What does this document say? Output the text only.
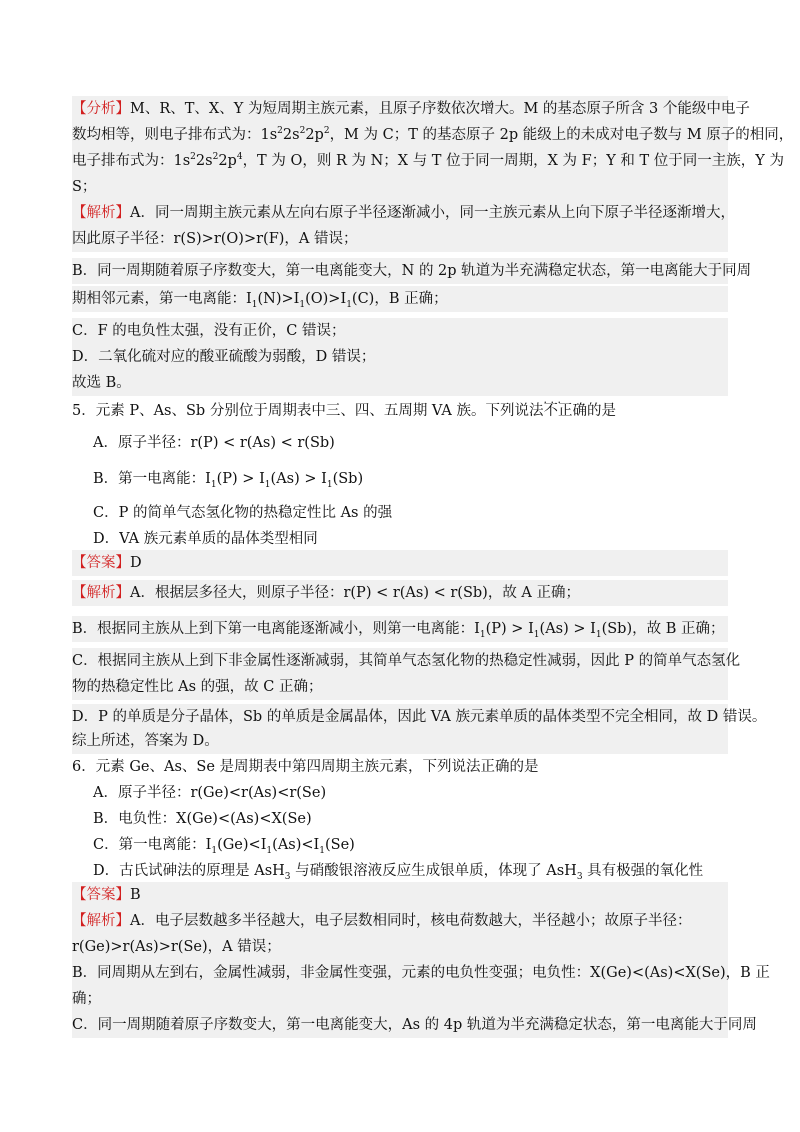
【分析】M、R、T、X、Y 为短周期主族元素，且原子序数依次增大。M 的基态原子所含 3 个能级中电子
数均相等，则电子排布式为：$1s^22s^22p^2$，M 为 C；T 的基态原子 2p 能级上的未成对电子数与 M 原子的相同，
电子排布式为：$1s^22s^22p^4$，T 为 O，则 R 为 N；X 与 T 位于同一周期，X 为 F；Y 和 T 位于同一主族，Y 为
S；
【解析】A．同一周期主族元素从左向右原子半径逐渐减小，同一主族元素从上向下原子半径逐渐增大，
因此原子半径：r(S)>r(O)>r(F)，A 错误；
B．同一周期随着原子序数变大，第一电离能变大，N 的 2p 轨道为半充满稳定状态，第一电离能大于同周
期相邻元素，第一电离能：$I_1(N)>I_1(O)>I_1(C)$，B 正确；
C．F 的电负性太强，没有正价，C 错误；
D．二氧化硫对应的酸亚硫酸为弱酸，D 错误；
故选 B。
5．元素 P、As、Sb 分别位于周期表中三、四、五周期 VA 族。下列说法· · · 不正确的是
A．原子半径：r(P) < r(As) < r(Sb)
B．第一电离能：$I_1(P) > I_1(As) > I_1(Sb)$
C．P 的简单气态氢化物的热稳定性比 As 的强
D．VA 族元素单质的晶体类型相同
【答案】D
【解析】A．根据层多径大，则原子半径：r(P) < r(As) < r(Sb)，故 A 正确；
B．根据同主族从上到下第一电离能逐渐减小，则第一电离能：$I_1(P) > I_1(As) > I_1(Sb)$，故 B 正确；
C．根据同主族从上到下非金属性逐渐减弱，其简单气态氢化物的热稳定性减弱，因此 P 的简单气态氢化
物的热稳定性比 As 的强，故 C 正确；
D．P 的单质是分子晶体，Sb 的单质是金属晶体，因此 VA 族元素单质的晶体类型不完全相同，故 D 错误。
综上所述，答案为 D。
6．元素 Ge、As、Se 是周期表中第四周期主族元素，下列说法正确的是
A．原子半径：r(Ge)<r(As)<r(Se)
B．电负性：X(Ge)<(As)<X(Se)
C．第一电离能：$I_1(Ge)<I_1(As)<I_1(Se)$
D．古氏试砷法的原理是 AsH$_3$ 与硝酸银溶液反应生成银单质，体现了 AsH$_3$ 具有极强的氧化性
【答案】B
【解析】A．电子层数越多半径越大，电子层数相同时，核电荷数越大，半径越小；故原子半径：
r(Ge)>r(As)>r(Se)，A 错误；
B．同周期从左到右，金属性减弱，非金属性变强，元素的电负性变强；电负性：X(Ge)<(As)<X(Se)，B 正
确；
C．同一周期随着原子序数变大，第一电离能变大，As 的 4p 轨道为半充满稳定状态，第一电离能大于同周
